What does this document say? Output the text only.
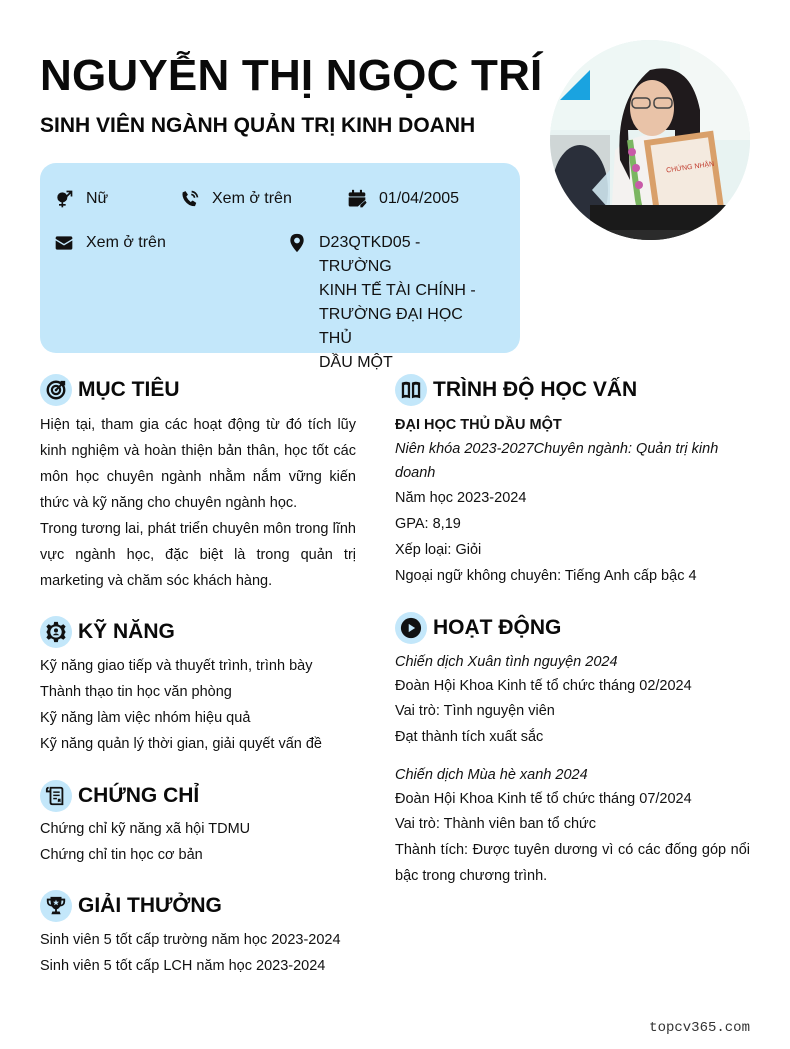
NGUYỄN THỊ NGỌC TRÍ
SINH VIÊN NGÀNH QUẢN TRỊ KINH DOANH
CHỨNG NHẬN
Nữ	Xem ở trên	01/04/2005
Xem ở trên	D23QTKD05 - TRƯỜNG
KINH TẾ TÀI CHÍNH -
TRƯỜNG ĐẠI HỌC THỦ
DẦU MỘT
MỤC TIÊU
Hiện tại, tham gia các hoạt động từ đó tích lũy kinh nghiệm và hoàn thiện bản thân, học tốt các môn học chuyên ngành nhằm nắm vững kiến thức và kỹ năng cho chuyên ngành học.
Trong tương lai, phát triển chuyên môn trong lĩnh vực ngành học, đặc biệt là trong quản trị marketing và chăm sóc khách hàng.
KỸ NĂNG
Kỹ năng giao tiếp và thuyết trình, trình bày
Thành thạo tin học văn phòng
Kỹ năng làm việc nhóm hiệu quả
Kỹ năng quản lý thời gian, giải quyết vấn đề
CHỨNG CHỈ
Chứng chỉ kỹ năng xã hội TDMU
Chứng chỉ tin học cơ bản
GIẢI THƯỞNG
Sinh viên 5 tốt cấp trường năm học 2023-2024
Sinh viên 5 tốt cấp LCH năm học 2023-2024
TRÌNH ĐỘ HỌC VẤN
ĐẠI HỌC THỦ DẦU MỘT
Niên khóa 2023-2027Chuyên ngành: Quản trị kinh doanh
Năm học 2023-2024
GPA: 8,19
Xếp loại: Giỏi
Ngoại ngữ không chuyên: Tiếng Anh cấp bậc 4
HOẠT ĐỘNG
Chiến dịch Xuân tình nguyện 2024
Đoàn Hội Khoa Kinh tế tổ chức tháng 02/2024
Vai trò: Tình nguyện viên
Đạt thành tích xuất sắc
Chiến dịch Mùa hè xanh 2024
Đoàn Hội Khoa Kinh tế tổ chức tháng 07/2024
Vai trò: Thành viên ban tổ chức
Thành tích: Được tuyên dương vì có các đống góp nổi bậc trong chương trình.
topcv365.com
